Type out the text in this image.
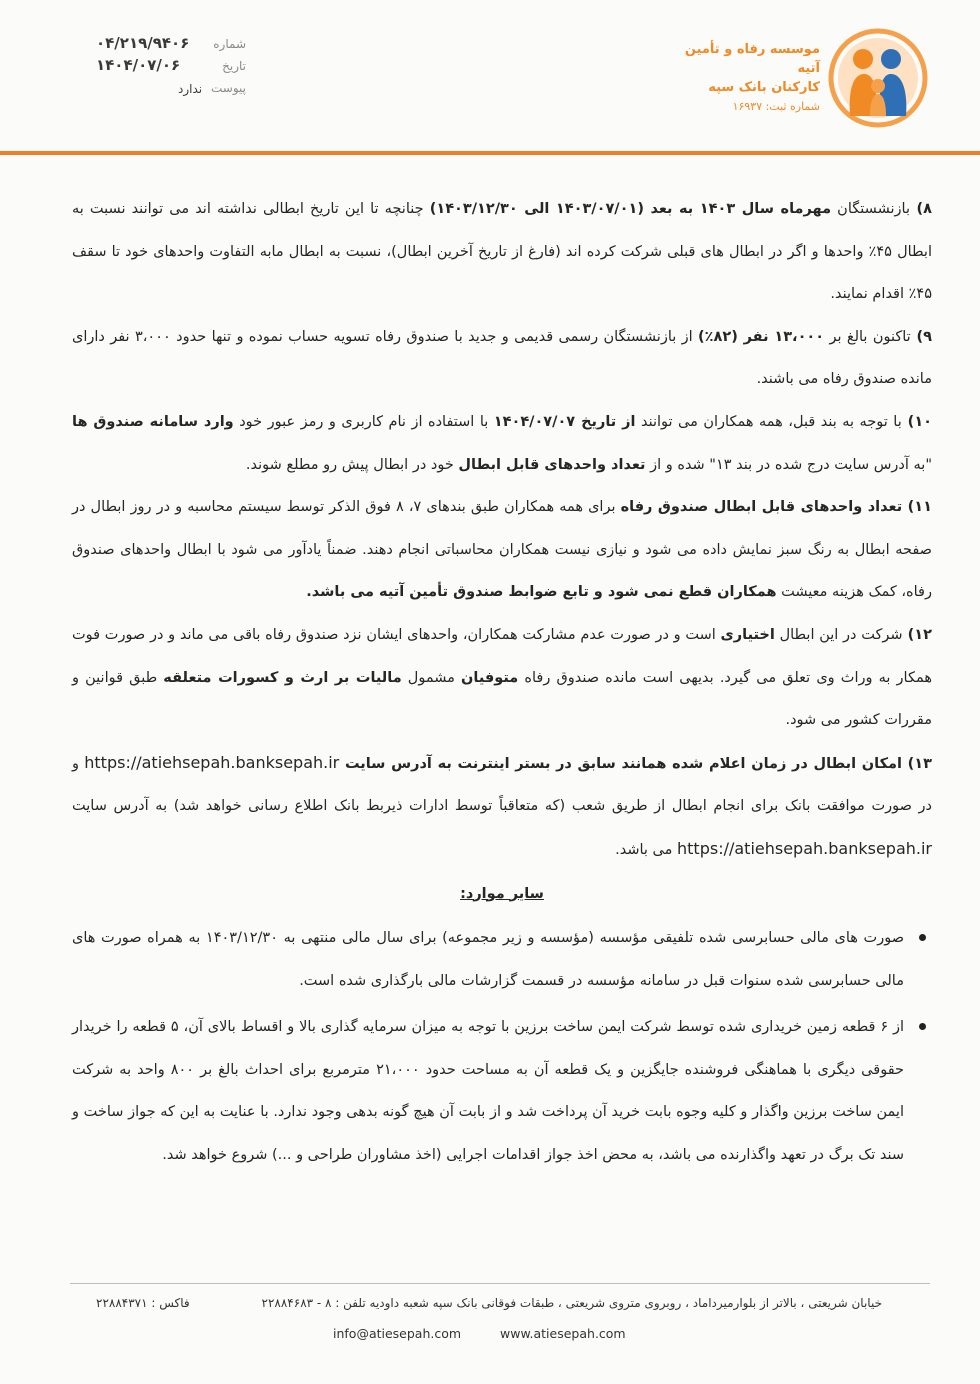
موسسه رفاه و تأمین آتیه
کارکنان بانک سپه
شماره ثبت: ۱۶۹۳۷
شماره
۰۴/۲۱۹/۹۴۰۶
تاریخ
۱۴۰۴/۰۷/۰۶
پیوست
ندارد

۸) بازنشستگان مهرماه سال ۱۴۰۳ به بعد (۱۴۰۳/۰۷/۰۱ الی ۱۴۰۳/۱۲/۳۰) چنانچه تا این تاریخ ابطالی نداشته اند می توانند نسبت به ابطال ۴۵٪ واحدها و اگر در ابطال های قبلی شرکت کرده اند (فارغ از تاریخ آخرین ابطال)، نسبت به ابطال مابه التفاوت واحدهای خود تا سقف ۴۵٪ اقدام نمایند.

۹) تاکنون بالغ بر ۱۳،۰۰۰ نفر (۸۲٪) از بازنشستگان رسمی قدیمی و جدید با صندوق رفاه تسویه حساب نموده و تنها حدود ۳،۰۰۰ نفر دارای مانده صندوق رفاه می باشند.

۱۰) با توجه به بند قبل، همه همکاران می توانند از تاریخ ۱۴۰۴/۰۷/۰۷ با استفاده از نام کاربری و رمز عبور خود وارد سامانه صندوق ها "به آدرس سایت درج شده در بند ۱۳" شده و از تعداد واحدهای قابل ابطال خود در ابطال پیش رو مطلع شوند.

۱۱) تعداد واحدهای قابل ابطال صندوق رفاه برای همه همکاران طبق بندهای ۷، ۸ فوق الذکر توسط سیستم محاسبه و در روز ابطال در صفحه ابطال به رنگ سبز نمایش داده می شود و نیازی نیست همکاران محاسباتی انجام دهند. ضمناً یادآور می شود با ابطال واحدهای صندوق رفاه، کمک هزینه معیشت همکاران قطع نمی شود و تابع ضوابط صندوق تأمین آتیه می باشد.

۱۲) شرکت در این ابطال اختیاری است و در صورت عدم مشارکت همکاران، واحدهای ایشان نزد صندوق رفاه باقی می ماند و در صورت فوت همکار به وراث وی تعلق می گیرد. بدیهی است مانده صندوق رفاه متوفیان مشمول مالیات بر ارث و کسورات متعلقه طبق قوانین و مقررات کشور می شود.

۱۳) امکان ابطال در زمان اعلام شده همانند سابق در بستر اینترنت به آدرس سایت https://atiehsepah.banksepah.ir و در صورت موافقت بانک برای انجام ابطال از طریق شعب (که متعاقباً توسط ادارات ذیربط بانک اطلاع رسانی خواهد شد) به آدرس سایت https://atiehsepah.banksepah.ir می باشد.

سایر موارد:
صورت های مالی حسابرسی شده تلفیقی مؤسسه (مؤسسه و زیر مجموعه) برای سال مالی منتهی به ۱۴۰۳/۱۲/۳۰ به همراه صورت های مالی حسابرسی شده سنوات قبل در سامانه مؤسسه در قسمت گزارشات مالی بارگذاری شده است.
از ۶ قطعه زمین خریداری شده توسط شرکت ایمن ساخت برزین با توجه به میزان سرمایه گذاری بالا و اقساط بالای آن، ۵ قطعه را خریدار حقوقی دیگری با هماهنگی فروشنده جایگزین و یک قطعه آن به مساحت حدود ۲۱،۰۰۰ مترمربع برای احداث بالغ بر ۸۰۰ واحد به شرکت ایمن ساخت برزین واگذار و کلیه وجوه بابت خرید آن پرداخت شد و از بابت آن هیچ گونه بدهی وجود ندارد. با عنایت به این که جواز ساخت و سند تک برگ در تعهد واگذارنده می باشد، به محض اخذ جواز اقدامات اجرایی (اخذ مشاوران طراحی و ...) شروع خواهد شد.
خیابان شریعتی ، بالاتر از بلوارمیرداماد ، روبروی متروی شریعتی ، طبقات فوقانی بانک سپه شعبه داودیه تلفن : ۸ - ۲۲۸۸۴۶۸۳
فاکس : ۲۲۸۸۴۳۷۱
www.atiesepah.com
info@atiesepah.com
